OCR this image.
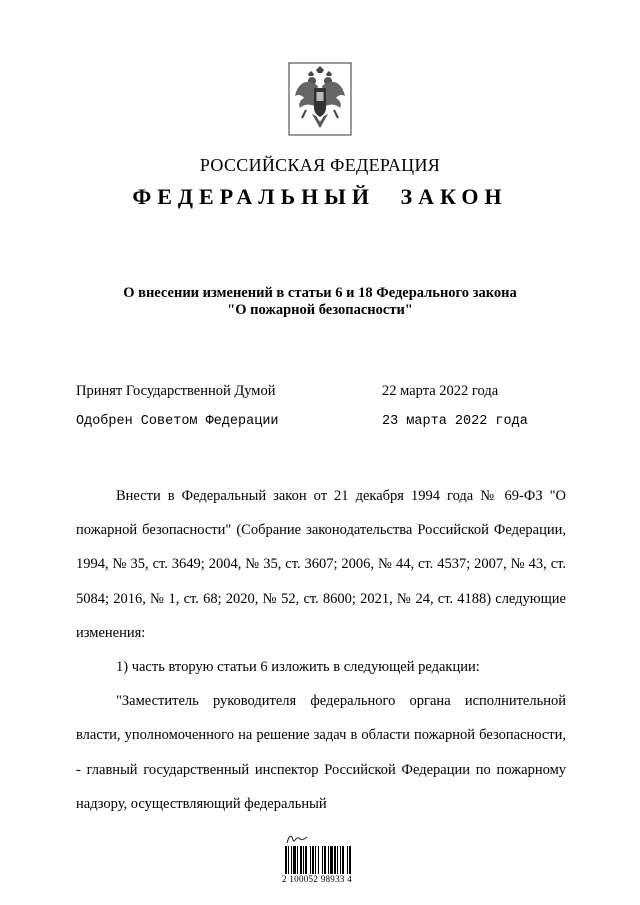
РОССИЙСКАЯ ФЕДЕРАЦИЯ
ФЕДЕРАЛЬНЫЙ ЗАКОН
О внесении изменений в статьи 6 и 18 Федерального закона
"О пожарной безопасности"
Принят Государственной Думой	22 марта 2022 года
Одобрен Советом Федерации	23 марта 2022 года

Внести в Федеральный закон от 21 декабря 1994 года № 69-ФЗ "О пожарной безопасности" (Собрание законодательства Российской Федерации, 1994, № 35, ст. 3649; 2004, № 35, ст. 3607; 2006, № 44, ст. 4537; 2007, № 43, ст. 5084; 2016, № 1, ст. 68; 2020, № 52, ст. 8600; 2021, № 24, ст. 4188) следующие изменения:

1) часть вторую статьи 6 изложить в следующей редакции:

"Заместитель руководителя федерального органа исполнительной власти, уполномоченного на решение задач в области пожарной безопасности, - главный государственный инспектор Российской Федерации по пожарному надзору, осуществляющий федеральный

2 100052 98933 4
